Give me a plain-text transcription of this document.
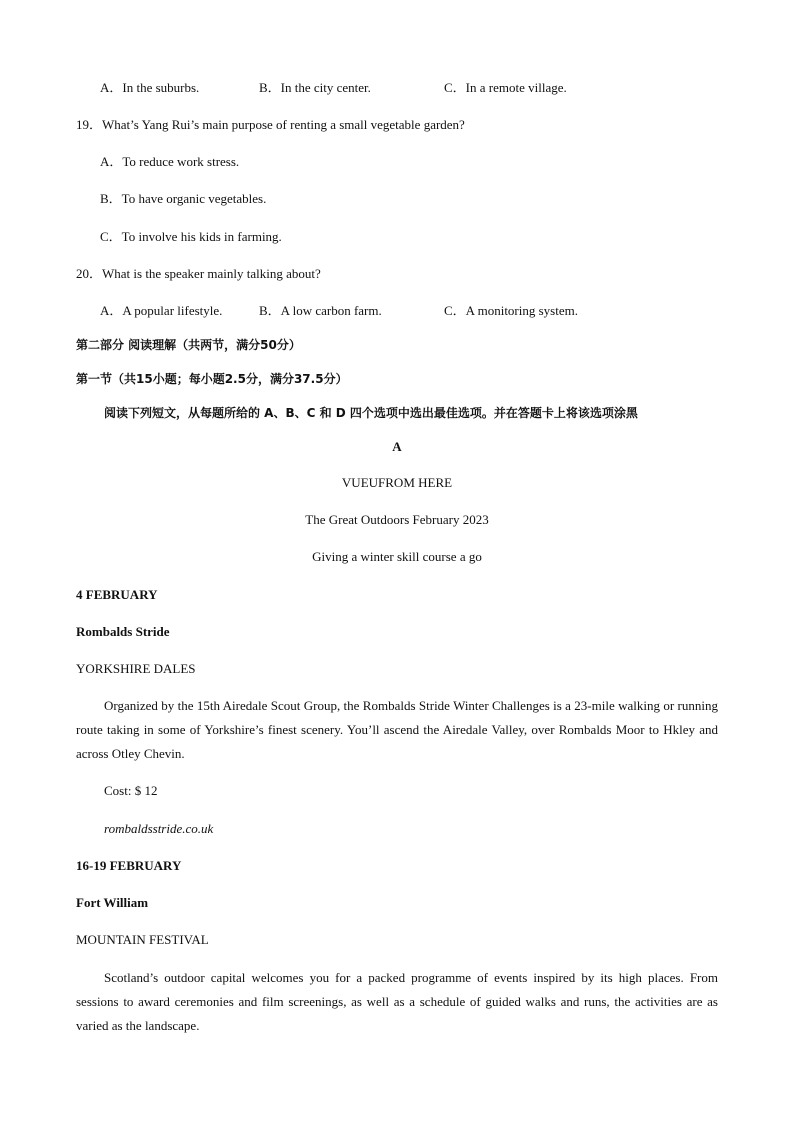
A．In the suburbs.	B．In the city center.	C．In a remote village.
19．What’s Yang Rui’s main purpose of renting a small vegetable garden?
A．To reduce work stress.
B．To have organic vegetables.
C．To involve his kids in farming.
20．What is the speaker mainly talking about?
A．A popular lifestyle.	B．A low carbon farm.	C．A monitoring system.
第二部分 阅读理解（共两节，满分50分）
第一节（共15小题；每小题2.5分，满分37.5分）
阅读下列短文，从每题所给的 A、B、C 和 D 四个选项中选出最佳选项。并在答题卡上将该选项涂黑
A
VUEUFROM HERE
The Great Outdoors February 2023
Giving a winter skill course a go
4 FEBRUARY
Rombalds Stride
YORKSHIRE DALES
Organized by the 15th Airedale Scout Group, the Rombalds Stride Winter Challenges is a 23-mile walking or running route taking in some of Yorkshire’s finest scenery. You’ll ascend the Airedale Valley, over Rombalds Moor to Hkley and across Otley Chevin.
Cost: $ 12
rombaldsstride.co.uk
16-19 FEBRUARY
Fort William
MOUNTAIN FESTIVAL
Scotland’s outdoor capital welcomes you for a packed programme of events inspired by its high places. From sessions to award ceremonies and film screenings, as well as a schedule of guided walks and runs, the activities are as varied as the landscape.
